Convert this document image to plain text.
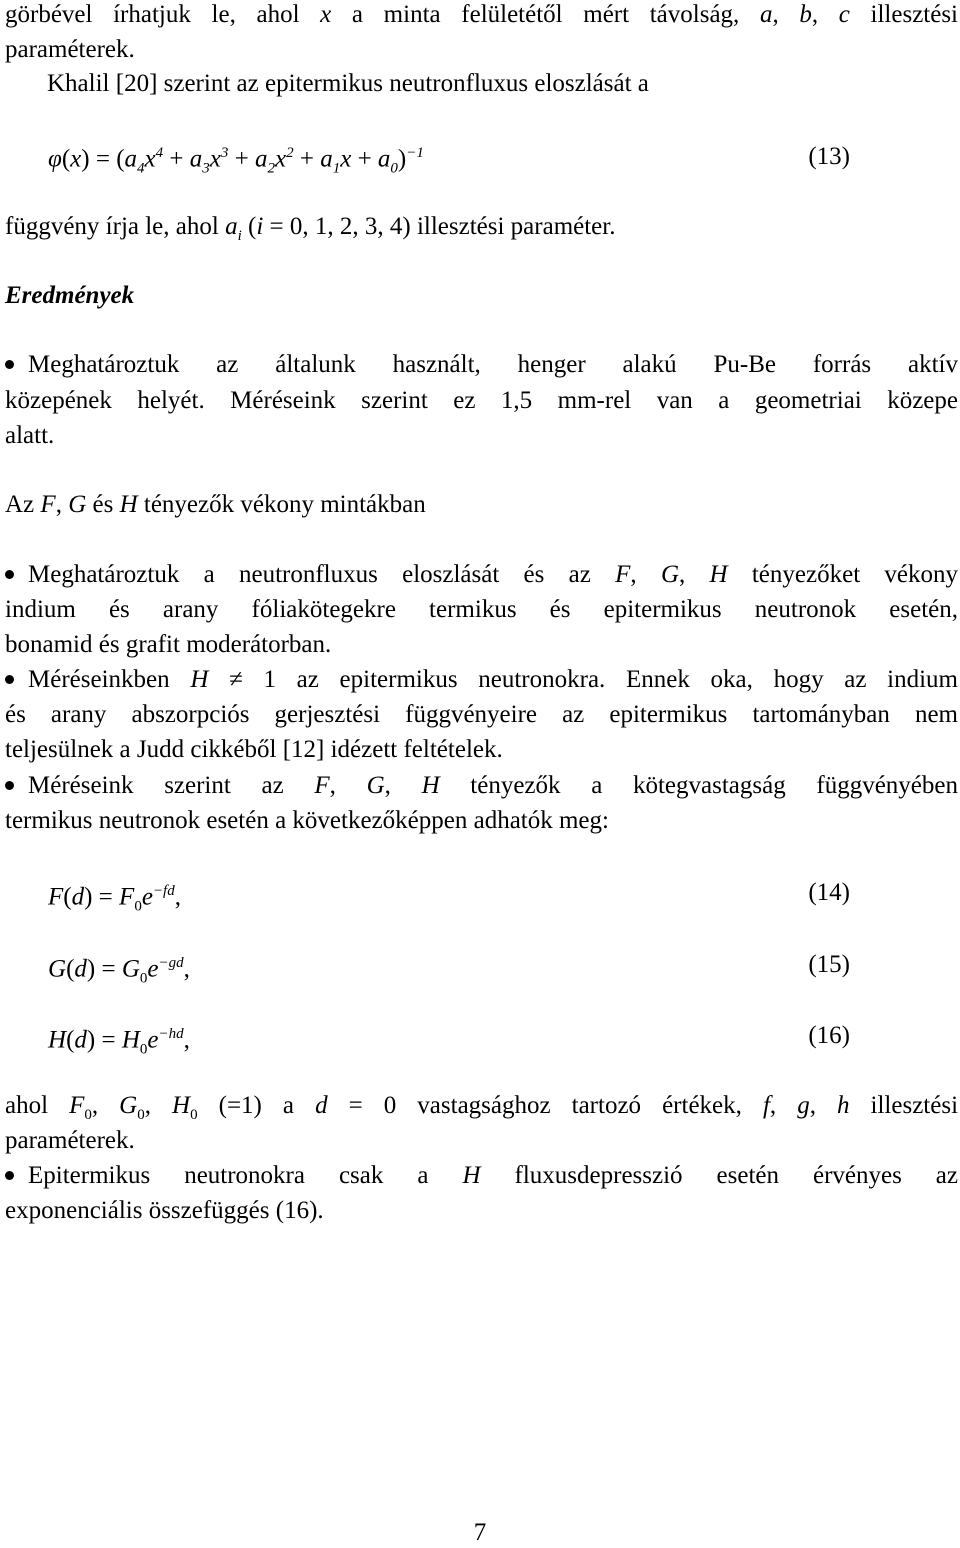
görbével írhatjuk le, ahol x a minta felületétől mért távolság, a, b, c illesztési
paraméterek.
Khalil [20] szerint az epitermikus neutronfluxus eloszlását a
$\varphi(x) = (a_4x^4 + a_3x^3 + a_2x^2 + a_1x + a_0)^{-1}$	(13)
függvény írja le, ahol $a_i$ (i = 0, 1, 2, 3, 4) illesztési paraméter.
Eredmények
Meghatároztuk az általunk használt, henger alakú Pu-Be forrás aktív
közepének helyét. Méréseink szerint ez 1,5 mm-rel van a geometriai közepe
alatt.
Az F, G és H tényezők vékony mintákban
Meghatároztuk a neutronfluxus eloszlását és az F, G, H tényezőket vékony
indium és arany fóliakötegekre termikus és epitermikus neutronok esetén,
bonamid és grafit moderátorban.
Méréseinkben H ≠ 1 az epitermikus neutronokra. Ennek oka, hogy az indium
és arany abszorpciós gerjesztési függvényeire az epitermikus tartományban nem
teljesülnek a Judd cikkéből [12] idézett feltételek.
Méréseink szerint az F, G, H tényezők a kötegvastagság függvényében
termikus neutronok esetén a következőképpen adhatók meg:
$F(d) = F_0e^{-fd}$,	(14)
$G(d) = G_0e^{-gd}$,	(15)
$H(d) = H_0e^{-hd}$,	(16)
ahol $F_0$, $G_0$, $H_0$ (=1) a d = 0 vastagsághoz tartozó értékek, f, g, h illesztési
paraméterek.
Epitermikus neutronokra csak a H fluxusdepresszió esetén érvényes az
exponenciális összefüggés (16).
7
